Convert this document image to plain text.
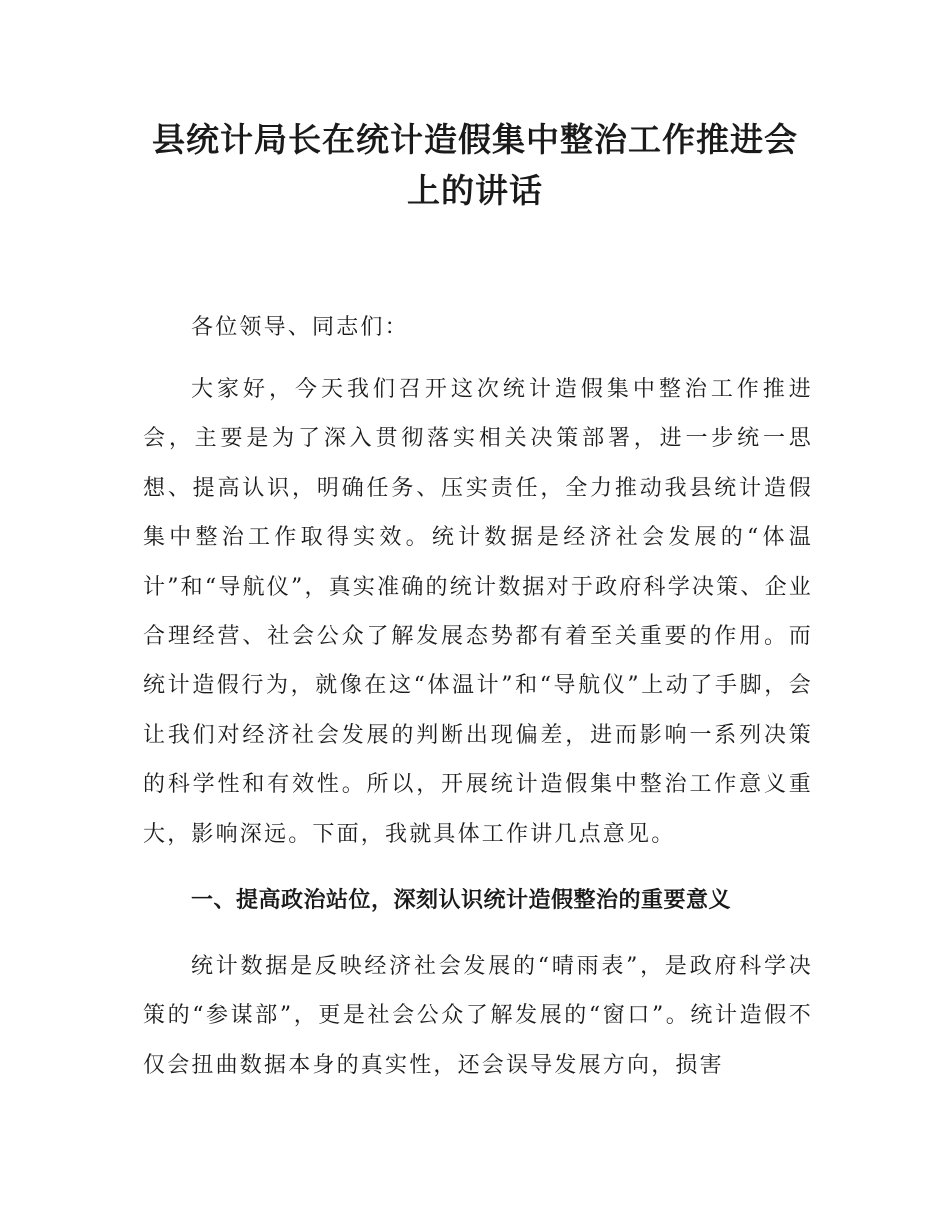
县统计局长在统计造假集中整治工作推进会
上的讲话

各位领导、同志们：

大家好，今天我们召开这次统计造假集中整治工作推进会，主要是为了深入贯彻落实相关决策部署，进一步统一思想、提高认识，明确任务、压实责任，全力推动我县统计造假集中整治工作取得实效。统计数据是经济社会发展的“体温计”和“导航仪”，真实准确的统计数据对于政府科学决策、企业合理经营、社会公众了解发展态势都有着至关重要的作用。而统计造假行为，就像在这“体温计”和“导航仪”上动了手脚，会让我们对经济社会发展的判断出现偏差，进而影响一系列决策的科学性和有效性。所以，开展统计造假集中整治工作意义重大，影响深远。下面，我就具体工作讲几点意见。

一、提高政治站位，深刻认识统计造假整治的重要意义

统计数据是反映经济社会发展的“晴雨表”，是政府科学决策的“参谋部”，更是社会公众了解发展的“窗口”。统计造假不仅会扭曲数据本身的真实性，还会误导发展方向，损害
